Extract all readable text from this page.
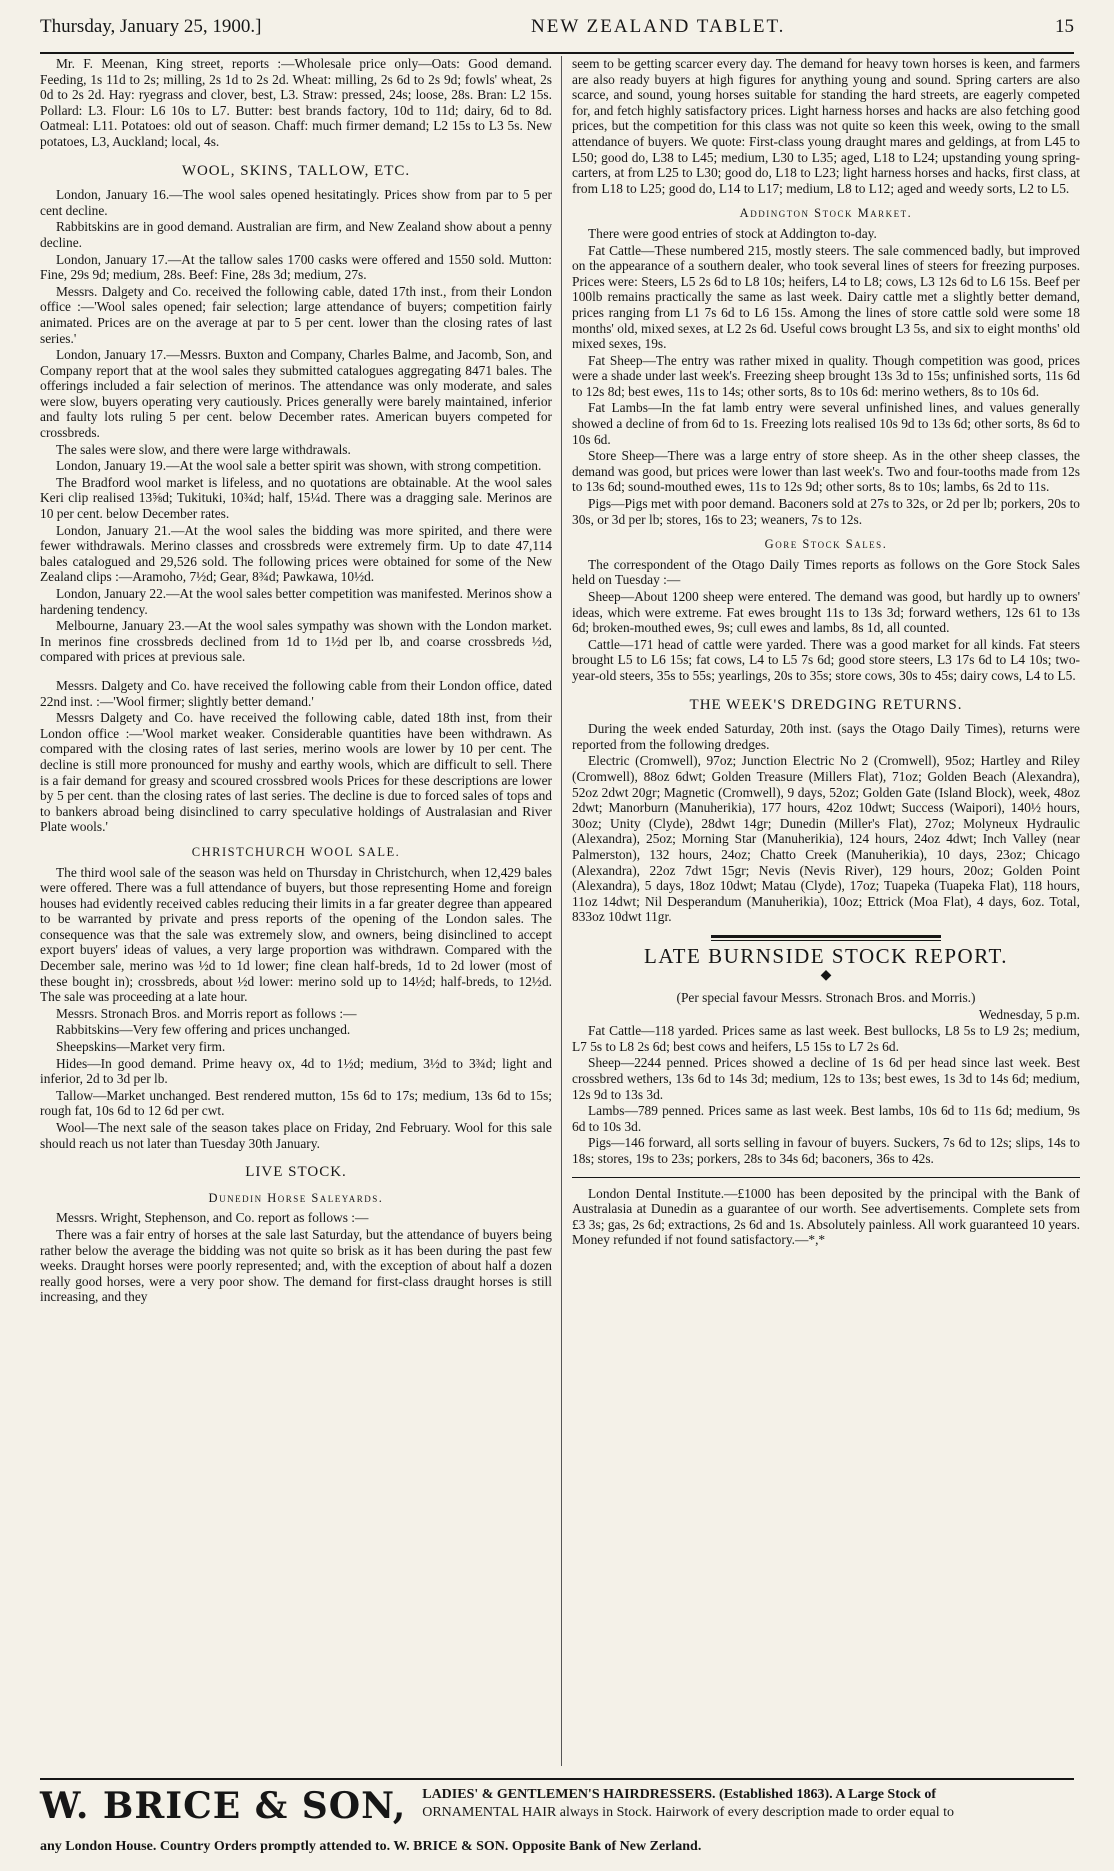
Thursday, January 25, 1900.]	NEW ZEALAND TABLET.	15

Mr. F. Meenan, King street, reports :—Wholesale price only—Oats: Good demand. Feeding, 1s 11d to 2s; milling, 2s 1d to 2s 2d. Wheat: milling, 2s 6d to 2s 9d; fowls' wheat, 2s 0d to 2s 2d. Hay: ryegrass and clover, best, L3. Straw: pressed, 24s; loose, 28s. Bran: L2 15s. Pollard: L3. Flour: L6 10s to L7. Butter: best brands factory, 10d to 11d; dairy, 6d to 8d. Oatmeal: L11. Potatoes: old out of season. Chaff: much firmer demand; L2 15s to L3 5s. New potatoes, L3, Auckland; local, 4s.

WOOL, SKINS, TALLOW, ETC.

London, January 16.—The wool sales opened hesitatingly. Prices show from par to 5 per cent decline.

Rabbitskins are in good demand. Australian are firm, and New Zealand show about a penny decline.

London, January 17.—At the tallow sales 1700 casks were offered and 1550 sold. Mutton: Fine, 29s 9d; medium, 28s. Beef: Fine, 28s 3d; medium, 27s.

Messrs. Dalgety and Co. received the following cable, dated 17th inst., from their London office :—'Wool sales opened; fair selection; large attendance of buyers; competition fairly animated. Prices are on the average at par to 5 per cent. lower than the closing rates of last series.'

London, January 17.—Messrs. Buxton and Company, Charles Balme, and Jacomb, Son, and Company report that at the wool sales they submitted catalogues aggregating 8471 bales. The offerings included a fair selection of merinos. The attendance was only moderate, and sales were slow, buyers operating very cautiously. Prices generally were barely maintained, inferior and faulty lots ruling 5 per cent. below December rates. American buyers competed for crossbreds.

The sales were slow, and there were large withdrawals.

London, January 19.—At the wool sale a better spirit was shown, with strong competition.

The Bradford wool market is lifeless, and no quotations are obtainable. At the wool sales Keri clip realised 13⅝d; Tukituki, 10¾d; half, 15¼d. There was a dragging sale. Merinos are 10 per cent. below December rates.

London, January 21.—At the wool sales the bidding was more spirited, and there were fewer withdrawals. Merino classes and crossbreds were extremely firm. Up to date 47,114 bales catalogued and 29,526 sold. The following prices were obtained for some of the New Zealand clips :—Aramoho, 7½d; Gear, 8¾d; Pawkawa, 10½d.

London, January 22.—At the wool sales better competition was manifested. Merinos show a hardening tendency.

Melbourne, January 23.—At the wool sales sympathy was shown with the London market. In merinos fine crossbreds declined from 1d to 1½d per lb, and coarse crossbreds ½d, compared with prices at previous sale.

Messrs. Dalgety and Co. have received the following cable from their London office, dated 22nd inst. :—'Wool firmer; slightly better demand.'

Messrs Dalgety and Co. have received the following cable, dated 18th inst, from their London office :—'Wool market weaker. Considerable quantities have been withdrawn. As compared with the closing rates of last series, merino wools are lower by 10 per cent. The decline is still more pronounced for mushy and earthy wools, which are difficult to sell. There is a fair demand for greasy and scoured crossbred wools Prices for these descriptions are lower by 5 per cent. than the closing rates of last series. The decline is due to forced sales of tops and to bankers abroad being disinclined to carry speculative holdings of Australasian and River Plate wools.'

CHRISTCHURCH WOOL SALE.

The third wool sale of the season was held on Thursday in Christchurch, when 12,429 bales were offered. There was a full attendance of buyers, but those representing Home and foreign houses had evidently received cables reducing their limits in a far greater degree than appeared to be warranted by private and press reports of the opening of the London sales. The consequence was that the sale was extremely slow, and owners, being disinclined to accept export buyers' ideas of values, a very large proportion was withdrawn. Compared with the December sale, merino was ½d to 1d lower; fine clean half-breds, 1d to 2d lower (most of these bought in); crossbreds, about ½d lower: merino sold up to 14½d; half-breds, to 12½d. The sale was proceeding at a late hour.

Messrs. Stronach Bros. and Morris report as follows :—

Rabbitskins—Very few offering and prices unchanged.

Sheepskins—Market very firm.

Hides—In good demand. Prime heavy ox, 4d to 1½d; medium, 3½d to 3¾d; light and inferior, 2d to 3d per lb.

Tallow—Market unchanged. Best rendered mutton, 15s 6d to 17s; medium, 13s 6d to 15s; rough fat, 10s 6d to 12 6d per cwt.

Wool—The next sale of the season takes place on Friday, 2nd February. Wool for this sale should reach us not later than Tuesday 30th January.

LIVE STOCK.
Dunedin Horse Saleyards.

Messrs. Wright, Stephenson, and Co. report as follows :—

There was a fair entry of horses at the sale last Saturday, but the attendance of buyers being rather below the average the bidding was not quite so brisk as it has been during the past few weeks. Draught horses were poorly represented; and, with the exception of about half a dozen really good horses, were a very poor show. The demand for first-class draught horses is still increasing, and they

seem to be getting scarcer every day. The demand for heavy town horses is keen, and farmers are also ready buyers at high figures for anything young and sound. Spring carters are also scarce, and sound, young horses suitable for standing the hard streets, are eagerly competed for, and fetch highly satisfactory prices. Light harness horses and hacks are also fetching good prices, but the competition for this class was not quite so keen this week, owing to the small attendance of buyers. We quote: First-class young draught mares and geldings, at from L45 to L50; good do, L38 to L45; medium, L30 to L35; aged, L18 to L24; upstanding young spring-carters, at from L25 to L30; good do, L18 to L23; light harness horses and hacks, first class, at from L18 to L25; good do, L14 to L17; medium, L8 to L12; aged and weedy sorts, L2 to L5.

Addington Stock Market.

There were good entries of stock at Addington to-day.

Fat Cattle—These numbered 215, mostly steers. The sale commenced badly, but improved on the appearance of a southern dealer, who took several lines of steers for freezing purposes. Prices were: Steers, L5 2s 6d to L8 10s; heifers, L4 to L8; cows, L3 12s 6d to L6 15s. Beef per 100lb remains practically the same as last week. Dairy cattle met a slightly better demand, prices ranging from L1 7s 6d to L6 15s. Among the lines of store cattle sold were some 18 months' old, mixed sexes, at L2 2s 6d. Useful cows brought L3 5s, and six to eight months' old mixed sexes, 19s.

Fat Sheep—The entry was rather mixed in quality. Though competition was good, prices were a shade under last week's. Freezing sheep brought 13s 3d to 15s; unfinished sorts, 11s 6d to 12s 8d; best ewes, 11s to 14s; other sorts, 8s to 10s 6d: merino wethers, 8s to 10s 6d.

Fat Lambs—In the fat lamb entry were several unfinished lines, and values generally showed a decline of from 6d to 1s. Freezing lots realised 10s 9d to 13s 6d; other sorts, 8s 6d to 10s 6d.

Store Sheep—There was a large entry of store sheep. As in the other sheep classes, the demand was good, but prices were lower than last week's. Two and four-tooths made from 12s to 13s 6d; sound-mouthed ewes, 11s to 12s 9d; other sorts, 8s to 10s; lambs, 6s 2d to 11s.

Pigs—Pigs met with poor demand. Baconers sold at 27s to 32s, or 2d per lb; porkers, 20s to 30s, or 3d per lb; stores, 16s to 23; weaners, 7s to 12s.

Gore Stock Sales.

The correspondent of the Otago Daily Times reports as follows on the Gore Stock Sales held on Tuesday :—

Sheep—About 1200 sheep were entered. The demand was good, but hardly up to owners' ideas, which were extreme. Fat ewes brought 11s to 13s 3d; forward wethers, 12s 61 to 13s 6d; broken-mouthed ewes, 9s; cull ewes and lambs, 8s 1d, all counted.

Cattle—171 head of cattle were yarded. There was a good market for all kinds. Fat steers brought L5 to L6 15s; fat cows, L4 to L5 7s 6d; good store steers, L3 17s 6d to L4 10s; two-year-old steers, 35s to 55s; yearlings, 20s to 35s; store cows, 30s to 45s; dairy cows, L4 to L5.

THE WEEK'S DREDGING RETURNS.

During the week ended Saturday, 20th inst. (says the Otago Daily Times), returns were reported from the following dredges.

Electric (Cromwell), 97oz; Junction Electric No 2 (Cromwell), 95oz; Hartley and Riley (Cromwell), 88oz 6dwt; Golden Treasure (Millers Flat), 71oz; Golden Beach (Alexandra), 52oz 2dwt 20gr; Magnetic (Cromwell), 9 days, 52oz; Golden Gate (Island Block), week, 48oz 2dwt; Manorburn (Manuherikia), 177 hours, 42oz 10dwt; Success (Waipori), 140½ hours, 30oz; Unity (Clyde), 28dwt 14gr; Dunedin (Miller's Flat), 27oz; Molyneux Hydraulic (Alexandra), 25oz; Morning Star (Manuherikia), 124 hours, 24oz 4dwt; Inch Valley (near Palmerston), 132 hours, 24oz; Chatto Creek (Manuherikia), 10 days, 23oz; Chicago (Alexandra), 22oz 7dwt 15gr; Nevis (Nevis River), 129 hours, 20oz; Golden Point (Alexandra), 5 days, 18oz 10dwt; Matau (Clyde), 17oz; Tuapeka (Tuapeka Flat), 118 hours, 11oz 14dwt; Nil Desperandum (Manuherikia), 10oz; Ettrick (Moa Flat), 4 days, 6oz. Total, 833oz 10dwt 11gr.

LATE BURNSIDE STOCK REPORT.
◆

(Per special favour Messrs. Stronach Bros. and Morris.)

Wednesday, 5 p.m.

Fat Cattle—118 yarded. Prices same as last week. Best bullocks, L8 5s to L9 2s; medium, L7 5s to L8 2s 6d; best cows and heifers, L5 15s to L7 2s 6d.

Sheep—2244 penned. Prices showed a decline of 1s 6d per head since last week. Best crossbred wethers, 13s 6d to 14s 3d; medium, 12s to 13s; best ewes, 1s 3d to 14s 6d; medium, 12s 9d to 13s 3d.

Lambs—789 penned. Prices same as last week. Best lambs, 10s 6d to 11s 6d; medium, 9s 6d to 10s 3d.

Pigs—146 forward, all sorts selling in favour of buyers. Suckers, 7s 6d to 12s; slips, 14s to 18s; stores, 19s to 23s; porkers, 28s to 34s 6d; baconers, 36s to 42s.

London Dental Institute.—£1000 has been deposited by the principal with the Bank of Australasia at Dunedin as a guarantee of our worth. See advertisements. Complete sets from £3 3s; gas, 2s 6d; extractions, 2s 6d and 1s. Absolutely painless. All work guaranteed 10 years. Money refunded if not found satisfactory.—*,*

W. BRICE & SON, LADIES' & GENTLEMEN'S HAIRDRESSERS. (Established 1863). A Large Stock of
ORNAMENTAL HAIR always in Stock. Hairwork of every description made to order equal to
any London House. Country Orders promptly attended to. W. BRICE & SON. Opposite Bank of New Zerland.
